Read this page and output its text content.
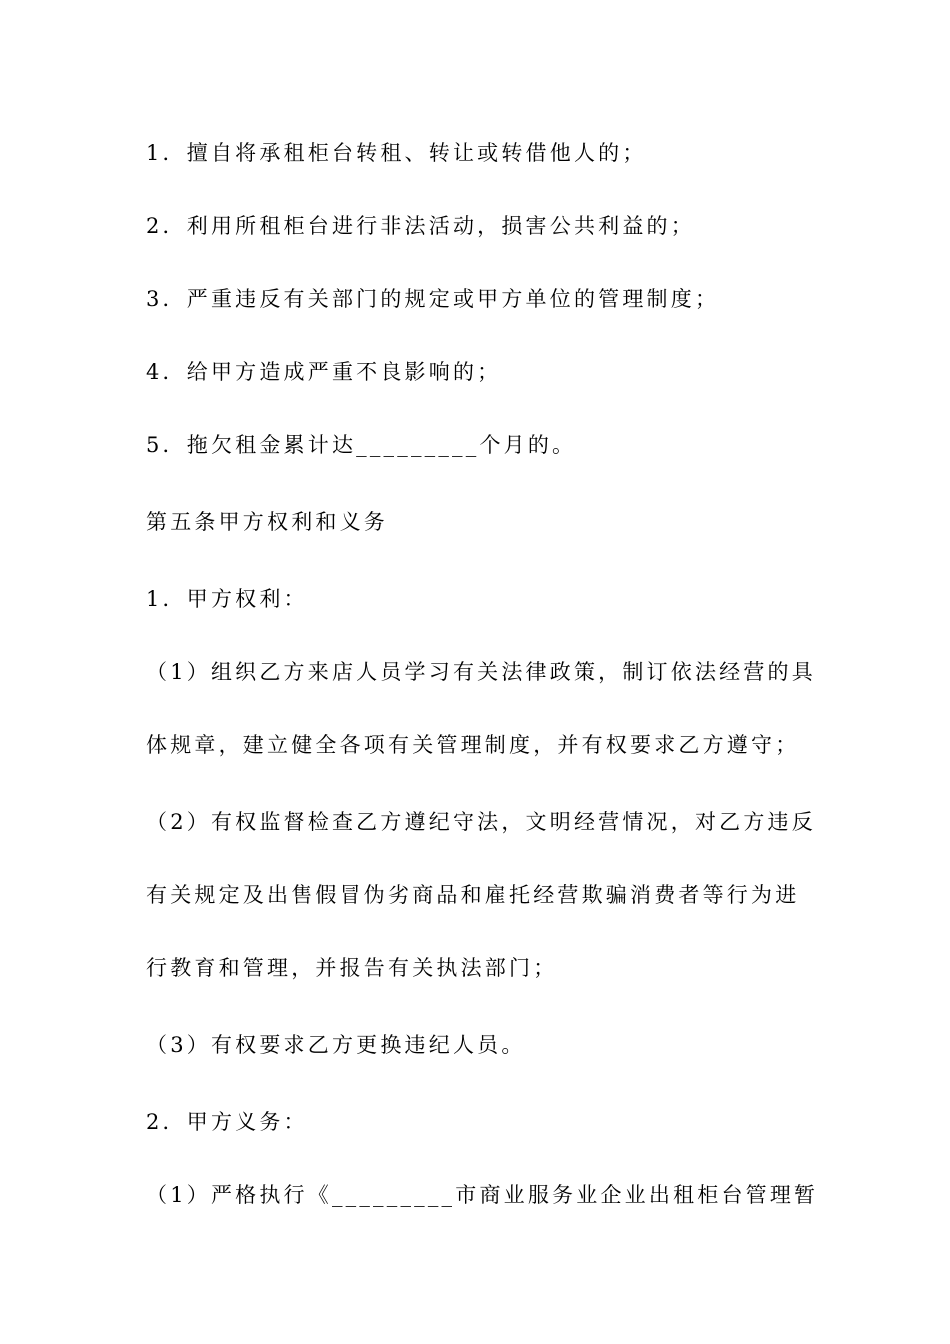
1．擅自将承租柜台转租、转让或转借他人的；
2．利用所租柜台进行非法活动，损害公共利益的；
3．严重违反有关部门的规定或甲方单位的管理制度；
4．给甲方造成严重不良影响的；
5．拖欠租金累计达_________个月的。
第五条甲方权利和义务
1．甲方权利：
（1）组织乙方来店人员学习有关法律政策，制订依法经营的具
体规章，建立健全各项有关管理制度，并有权要求乙方遵守；
（2）有权监督检查乙方遵纪守法，文明经营情况，对乙方违反
有关规定及出售假冒伪劣商品和雇托经营欺骗消费者等行为进
行教育和管理，并报告有关执法部门；
（3）有权要求乙方更换违纪人员。
2．甲方义务：
（1）严格执行《_________市商业服务业企业出租柜台管理暂
